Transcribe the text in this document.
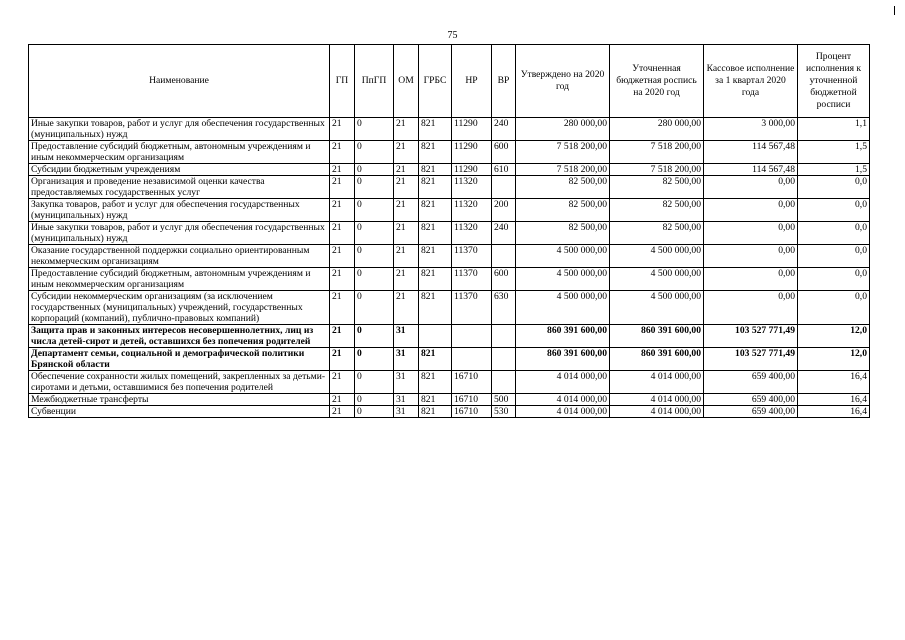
75
Наименование	ГП	ПпГП	ОМ	ГРБС	НР	ВР	Утверждено на 2020 год	Уточненная бюджетная роспись на 2020 год	Кассовое исполнение за 1 квартал 2020 года	Процент исполнения к уточненной бюджетной росписи
Иные закупки товаров, работ и услуг для обеспечения государственных (муниципальных) нужд	21	0	21	821	11290	240	280 000,00	280 000,00	3 000,00	1,1
Предоставление субсидий бюджетным, автономным учреждениям и иным некоммерческим организациям	21	0	21	821	11290	600	7 518 200,00	7 518 200,00	114 567,48	1,5
Субсидии бюджетным учреждениям	21	0	21	821	11290	610	7 518 200,00	7 518 200,00	114 567,48	1,5
Организация и проведение независимой оценки качества предоставляемых государственных услуг	21	0	21	821	11320		82 500,00	82 500,00	0,00	0,0
Закупка товаров, работ и услуг для обеспечения государственных (муниципальных) нужд	21	0	21	821	11320	200	82 500,00	82 500,00	0,00	0,0
Иные закупки товаров, работ и услуг для обеспечения государственных (муниципальных) нужд	21	0	21	821	11320	240	82 500,00	82 500,00	0,00	0,0
Оказание государственной поддержки социально ориентированным некоммерческим организациям	21	0	21	821	11370		4 500 000,00	4 500 000,00	0,00	0,0
Предоставление субсидий бюджетным, автономным учреждениям и иным некоммерческим организациям	21	0	21	821	11370	600	4 500 000,00	4 500 000,00	0,00	0,0
Субсидии некоммерческим организациям (за исключением государственных (муниципальных) учреждений, государственных корпораций (компаний), публично-правовых компаний)	21	0	21	821	11370	630	4 500 000,00	4 500 000,00	0,00	0,0
Защита прав и законных интересов несовершеннолетних, лиц из числа детей-сирот и детей, оставшихся без попечения родителей	21	0	31				860 391 600,00	860 391 600,00	103 527 771,49	12,0
Департамент семьи, социальной и демографической политики Брянской области	21	0	31	821			860 391 600,00	860 391 600,00	103 527 771,49	12,0
Обеспечение сохранности жилых помещений, закрепленных за детьми-сиротами и детьми, оставшимися без попечения родителей	21	0	31	821	16710		4 014 000,00	4 014 000,00	659 400,00	16,4
Межбюджетные трансферты	21	0	31	821	16710	500	4 014 000,00	4 014 000,00	659 400,00	16,4
Субвенции	21	0	31	821	16710	530	4 014 000,00	4 014 000,00	659 400,00	16,4
